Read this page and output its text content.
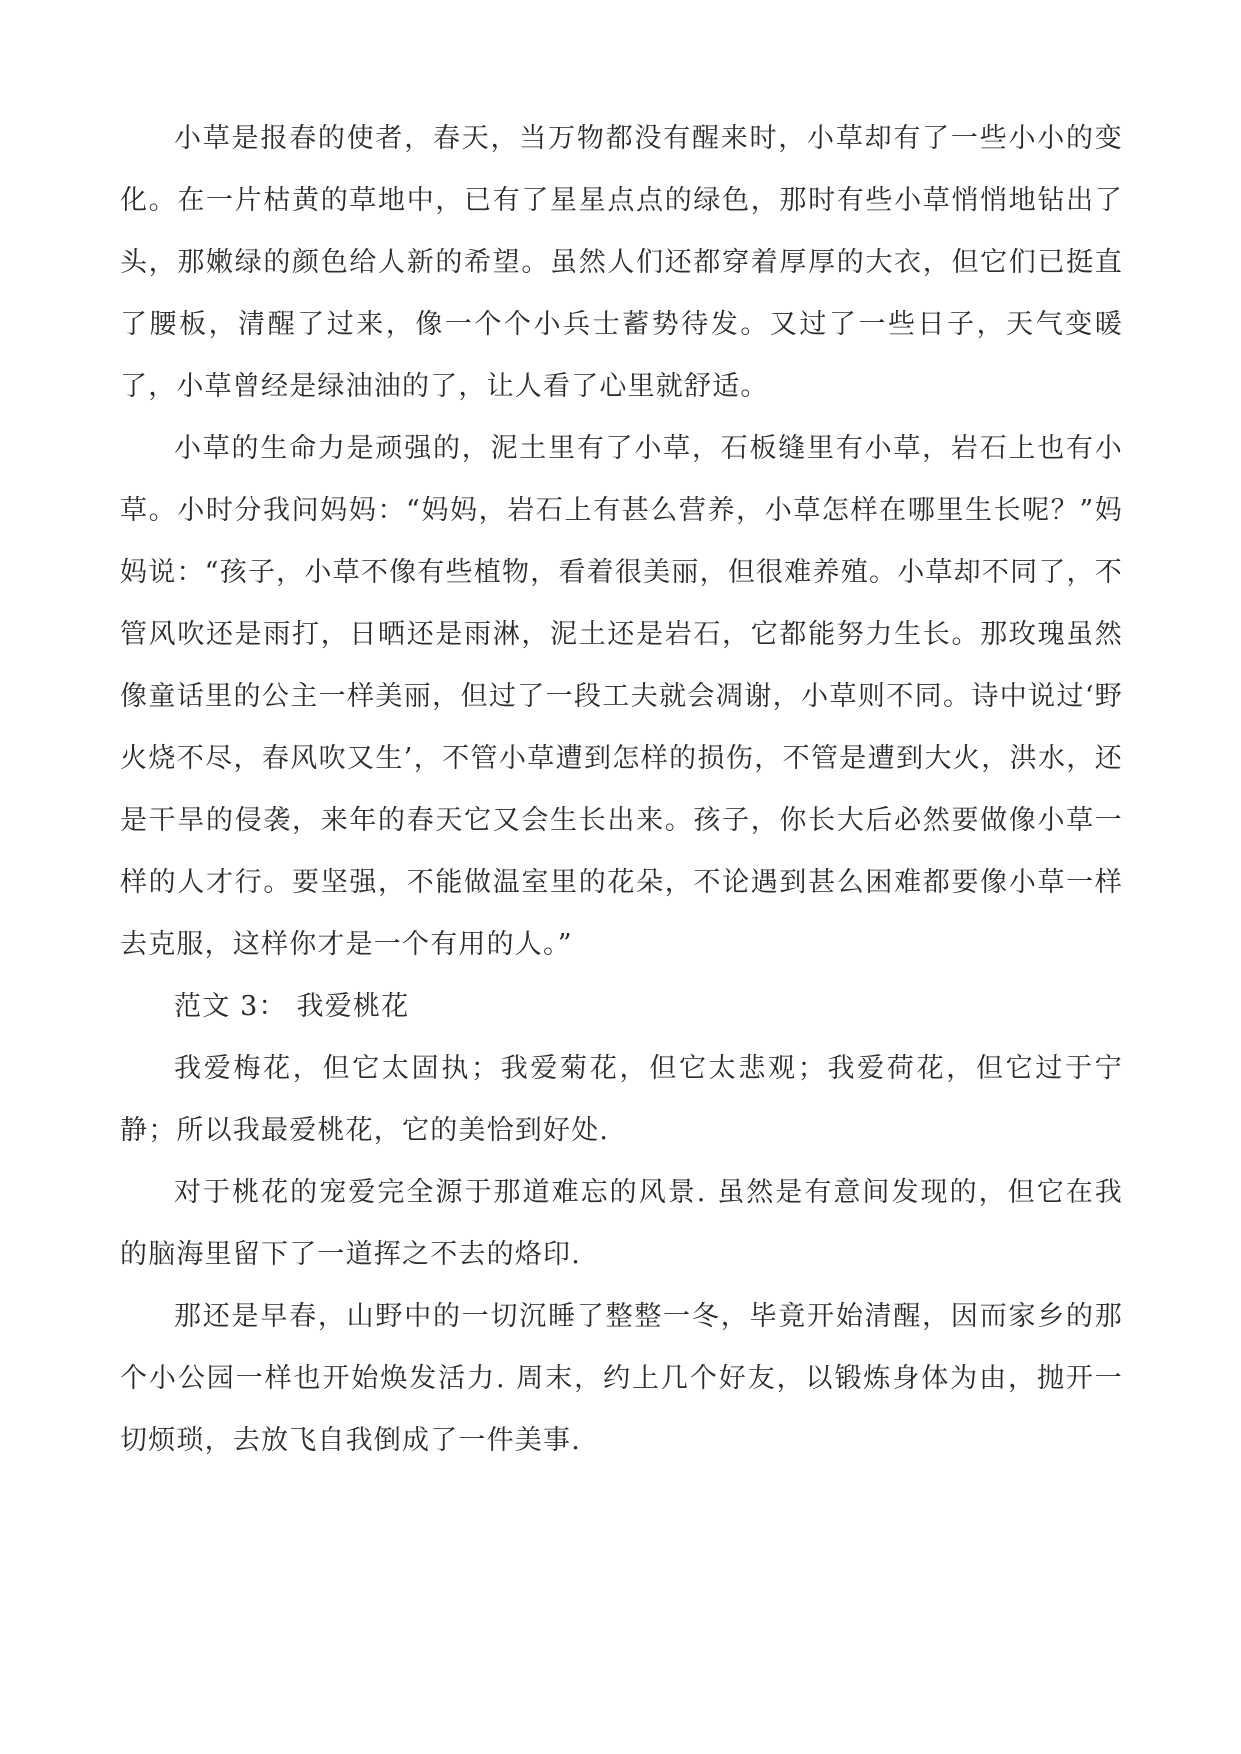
小草是报春的使者，春天，当万物都没有醒来时，小草却有了一些小小的变化。在一片枯黄的草地中，已有了星星点点的绿色，那时有些小草悄悄地钻出了头，那嫩绿的颜色给人新的希望。虽然人们还都穿着厚厚的大衣，但它们已挺直了腰板，清醒了过来，像一个个小兵士蓄势待发。又过了一些日子，天气变暖了，小草曾经是绿油油的了，让人看了心里就舒适。

小草的生命力是顽强的，泥土里有了小草，石板缝里有小草，岩石上也有小草。小时分我问妈妈：“妈妈，岩石上有甚么营养，小草怎样在哪里生长呢？”妈妈说：“孩子，小草不像有些植物，看着很美丽，但很难养殖。小草却不同了，不管风吹还是雨打，日晒还是雨淋，泥土还是岩石，它都能努力生长。那玫瑰虽然像童话里的公主一样美丽，但过了一段工夫就会凋谢，小草则不同。诗中说过‘野火烧不尽，春风吹又生’，不管小草遭到怎样的损伤，不管是遭到大火，洪水，还是干旱的侵袭，来年的春天它又会生长出来。孩子，你长大后必然要做像小草一样的人才行。要坚强，不能做温室里的花朵，不论遇到甚么困难都要像小草一样去克服，这样你才是一个有用的人。”

范文 3： 我爱桃花

我爱梅花，但它太固执；我爱菊花，但它太悲观；我爱荷花，但它过于宁静；所以我最爱桃花，它的美恰到好处.

对于桃花的宠爱完全源于那道难忘的风景. 虽然是有意间发现的，但它在我的脑海里留下了一道挥之不去的烙印.

那还是早春，山野中的一切沉睡了整整一冬，毕竟开始清醒，因而家乡的那个小公园一样也开始焕发活力. 周末，约上几个好友，以锻炼身体为由，抛开一切烦琐，去放飞自我倒成了一件美事.
